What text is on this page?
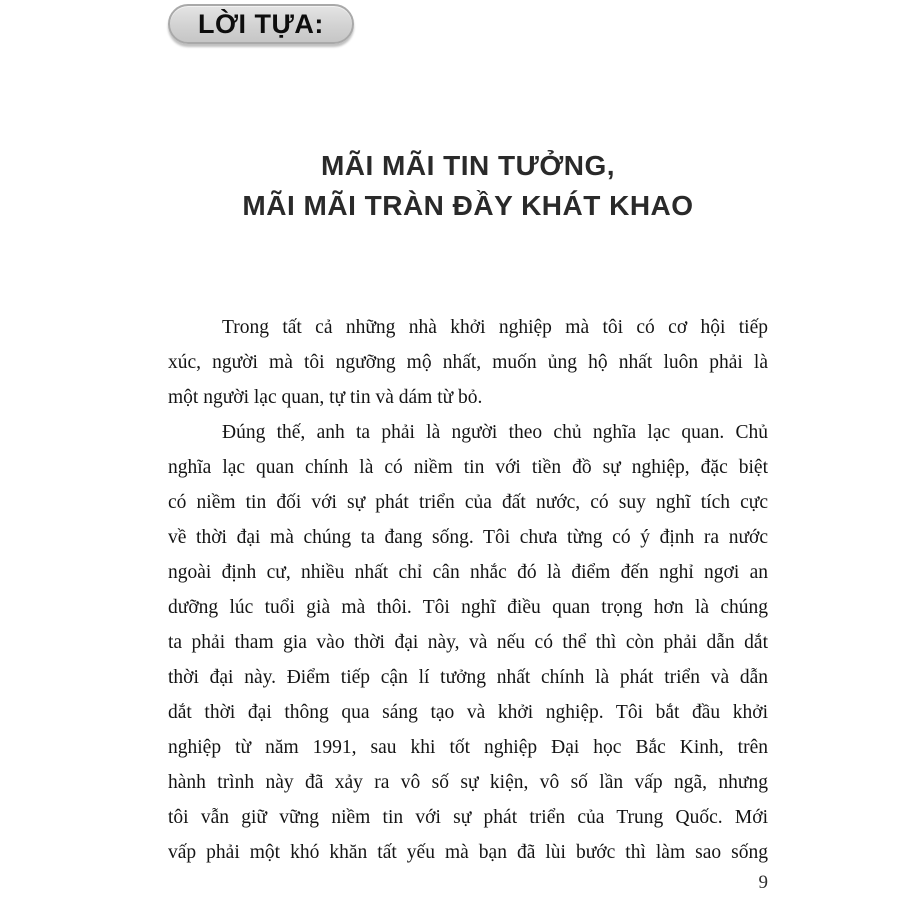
LỜI TỰA:
MÃI MÃI TIN TƯỞNG,
MÃI MÃI TRÀN ĐẦY KHÁT KHAO
Trong tất cả những nhà khởi nghiệp mà tôi có cơ hội tiếp
xúc, người mà tôi ngưỡng mộ nhất, muốn ủng hộ nhất luôn phải là
một người lạc quan, tự tin và dám từ bỏ.
Đúng thế, anh ta phải là người theo chủ nghĩa lạc quan. Chủ
nghĩa lạc quan chính là có niềm tin với tiền đồ sự nghiệp, đặc biệt
có niềm tin đối với sự phát triển của đất nước, có suy nghĩ tích cực
về thời đại mà chúng ta đang sống. Tôi chưa từng có ý định ra nước
ngoài định cư, nhiều nhất chỉ cân nhắc đó là điểm đến nghỉ ngơi an
dưỡng lúc tuổi già mà thôi. Tôi nghĩ điều quan trọng hơn là chúng
ta phải tham gia vào thời đại này, và nếu có thể thì còn phải dẫn dắt
thời đại này. Điểm tiếp cận lí tưởng nhất chính là phát triển và dẫn
dắt thời đại thông qua sáng tạo và khởi nghiệp. Tôi bắt đầu khởi
nghiệp từ năm 1991, sau khi tốt nghiệp Đại học Bắc Kinh, trên
hành trình này đã xảy ra vô số sự kiện, vô số lần vấp ngã, nhưng
tôi vẫn giữ vững niềm tin với sự phát triển của Trung Quốc. Mới
vấp phải một khó khăn tất yếu mà bạn đã lùi bước thì làm sao sống
9
